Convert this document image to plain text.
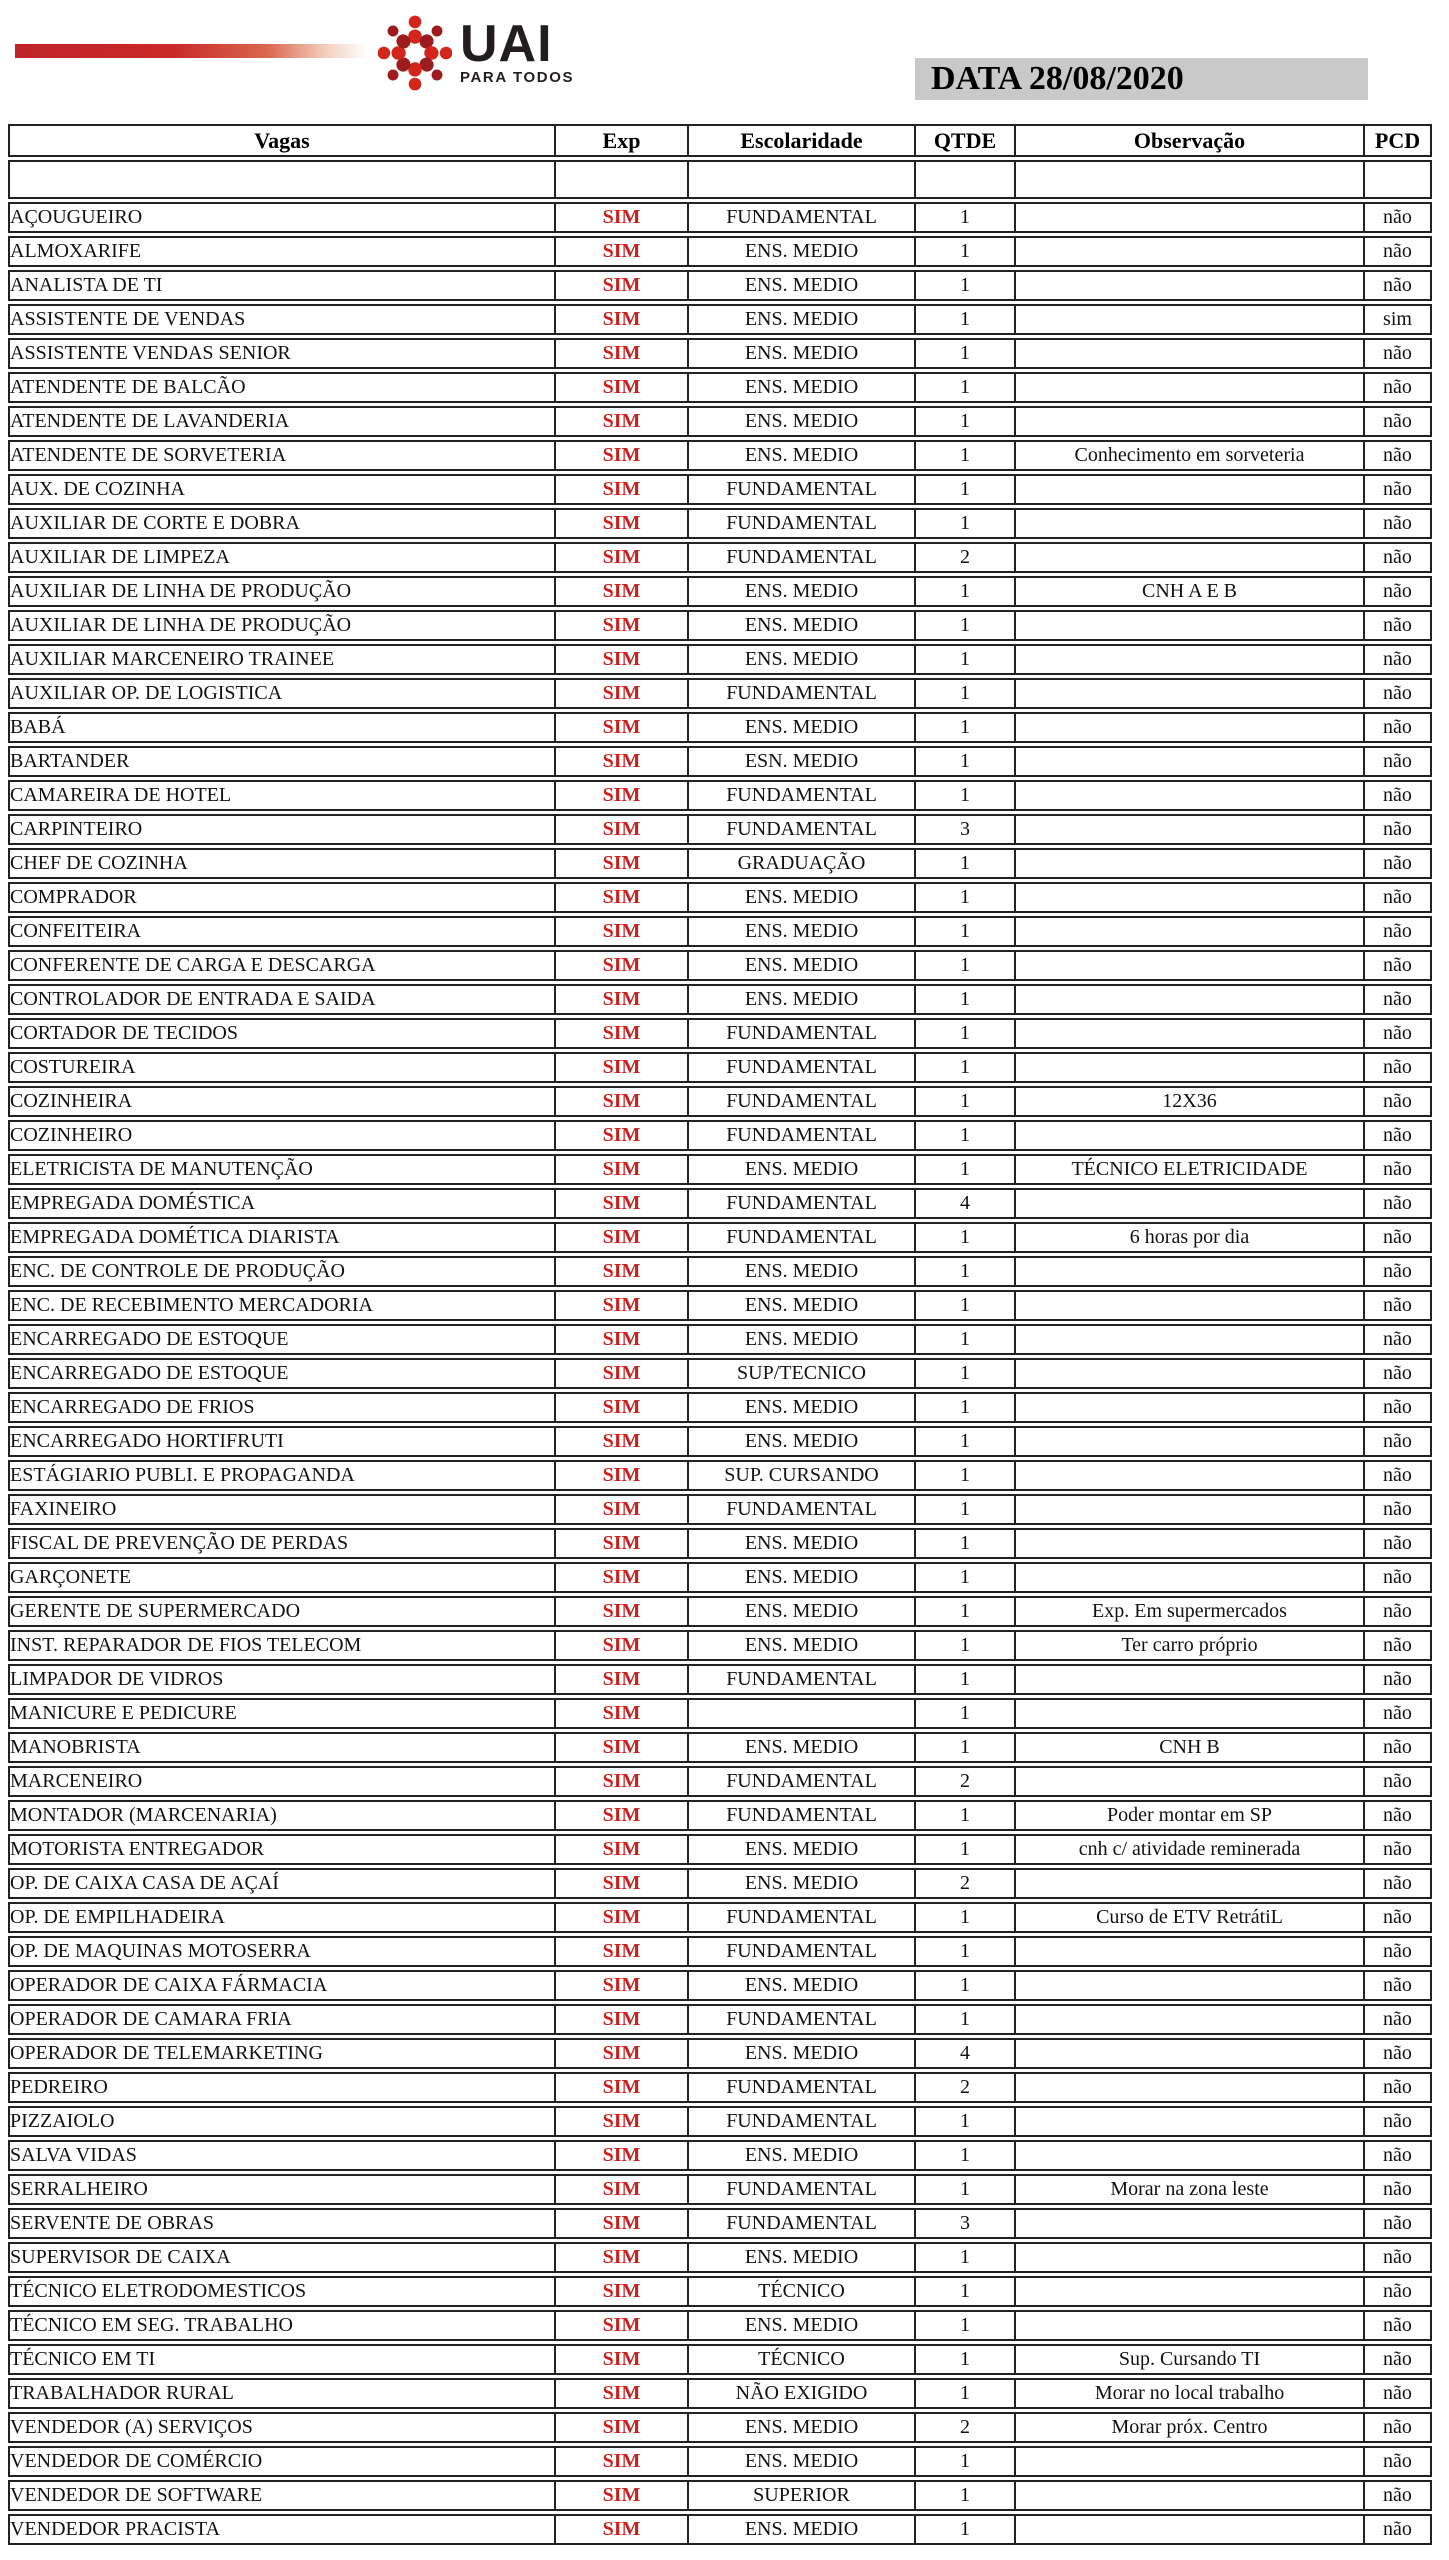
UAI
PARA TODOS	DATA 28/08/2020
Vagas	Exp	Escolaridade	QTDE	Observação	PCD

AÇOUGUEIRO	SIM	FUNDAMENTAL	1		não
ALMOXARIFE	SIM	ENS. MEDIO	1		não
ANALISTA DE TI	SIM	ENS. MEDIO	1		não
ASSISTENTE DE VENDAS	SIM	ENS. MEDIO	1		sim
ASSISTENTE VENDAS SENIOR	SIM	ENS. MEDIO	1		não
ATENDENTE DE BALCÃO	SIM	ENS. MEDIO	1		não
ATENDENTE DE LAVANDERIA	SIM	ENS. MEDIO	1		não
ATENDENTE DE SORVETERIA	SIM	ENS. MEDIO	1	Conhecimento em sorveteria	não
AUX. DE COZINHA	SIM	FUNDAMENTAL	1		não
AUXILIAR DE CORTE E DOBRA	SIM	FUNDAMENTAL	1		não
AUXILIAR DE LIMPEZA	SIM	FUNDAMENTAL	2		não
AUXILIAR DE LINHA DE PRODUÇÃO	SIM	ENS. MEDIO	1	CNH A E B	não
AUXILIAR DE LINHA DE PRODUÇÃO	SIM	ENS. MEDIO	1		não
AUXILIAR MARCENEIRO TRAINEE	SIM	ENS. MEDIO	1		não
AUXILIAR OP. DE LOGISTICA	SIM	FUNDAMENTAL	1		não
BABÁ	SIM	ENS. MEDIO	1		não
BARTANDER	SIM	ESN. MEDIO	1		não
CAMAREIRA DE HOTEL	SIM	FUNDAMENTAL	1		não
CARPINTEIRO	SIM	FUNDAMENTAL	3		não
CHEF DE COZINHA	SIM	GRADUAÇÃO	1		não
COMPRADOR	SIM	ENS. MEDIO	1		não
CONFEITEIRA	SIM	ENS. MEDIO	1		não
CONFERENTE DE CARGA E DESCARGA	SIM	ENS. MEDIO	1		não
CONTROLADOR DE ENTRADA E SAIDA	SIM	ENS. MEDIO	1		não
CORTADOR DE TECIDOS	SIM	FUNDAMENTAL	1		não
COSTUREIRA	SIM	FUNDAMENTAL	1		não
COZINHEIRA	SIM	FUNDAMENTAL	1	12X36	não
COZINHEIRO	SIM	FUNDAMENTAL	1		não
ELETRICISTA DE MANUTENÇÃO	SIM	ENS. MEDIO	1	TÉCNICO ELETRICIDADE	não
EMPREGADA DOMÉSTICA	SIM	FUNDAMENTAL	4		não
EMPREGADA DOMÉTICA DIARISTA	SIM	FUNDAMENTAL	1	6 horas por dia	não
ENC. DE CONTROLE DE PRODUÇÃO	SIM	ENS. MEDIO	1		não
ENC. DE RECEBIMENTO MERCADORIA	SIM	ENS. MEDIO	1		não
ENCARREGADO DE ESTOQUE	SIM	ENS. MEDIO	1		não
ENCARREGADO DE ESTOQUE	SIM	SUP/TECNICO	1		não
ENCARREGADO DE FRIOS	SIM	ENS. MEDIO	1		não
ENCARREGADO HORTIFRUTI	SIM	ENS. MEDIO	1		não
ESTÁGIARIO PUBLI. E PROPAGANDA	SIM	SUP. CURSANDO	1		não
FAXINEIRO	SIM	FUNDAMENTAL	1		não
FISCAL DE PREVENÇÃO DE PERDAS	SIM	ENS. MEDIO	1		não
GARÇONETE	SIM	ENS. MEDIO	1		não
GERENTE DE SUPERMERCADO	SIM	ENS. MEDIO	1	Exp. Em supermercados	não
INST. REPARADOR DE FIOS TELECOM	SIM	ENS. MEDIO	1	Ter carro próprio	não
LIMPADOR DE VIDROS	SIM	FUNDAMENTAL	1		não
MANICURE E PEDICURE	SIM		1		não
MANOBRISTA	SIM	ENS. MEDIO	1	CNH B	não
MARCENEIRO	SIM	FUNDAMENTAL	2		não
MONTADOR (MARCENARIA)	SIM	FUNDAMENTAL	1	Poder montar em SP	não
MOTORISTA ENTREGADOR	SIM	ENS. MEDIO	1	cnh c/ atividade reminerada	não
OP. DE CAIXA CASA DE AÇAÍ	SIM	ENS. MEDIO	2		não
OP. DE EMPILHADEIRA	SIM	FUNDAMENTAL	1	Curso de ETV RetrátiL	não
OP. DE MAQUINAS MOTOSERRA	SIM	FUNDAMENTAL	1		não
OPERADOR DE CAIXA FÁRMACIA	SIM	ENS. MEDIO	1		não
OPERADOR DE CAMARA FRIA	SIM	FUNDAMENTAL	1		não
OPERADOR DE TELEMARKETING	SIM	ENS. MEDIO	4		não
PEDREIRO	SIM	FUNDAMENTAL	2		não
PIZZAIOLO	SIM	FUNDAMENTAL	1		não
SALVA VIDAS	SIM	ENS. MEDIO	1		não
SERRALHEIRO	SIM	FUNDAMENTAL	1	Morar na zona leste	não
SERVENTE DE OBRAS	SIM	FUNDAMENTAL	3		não
SUPERVISOR DE CAIXA	SIM	ENS. MEDIO	1		não
TÉCNICO ELETRODOMESTICOS	SIM	TÉCNICO	1		não
TÉCNICO EM SEG. TRABALHO	SIM	ENS. MEDIO	1		não
TÉCNICO EM TI	SIM	TÉCNICO	1	Sup. Cursando TI	não
TRABALHADOR RURAL	SIM	NÃO EXIGIDO	1	Morar no local trabalho	não
VENDEDOR (A) SERVIÇOS	SIM	ENS. MEDIO	2	Morar próx. Centro	não
VENDEDOR DE COMÉRCIO	SIM	ENS. MEDIO	1		não
VENDEDOR DE SOFTWARE	SIM	SUPERIOR	1		não
VENDEDOR PRACISTA	SIM	ENS. MEDIO	1		não
